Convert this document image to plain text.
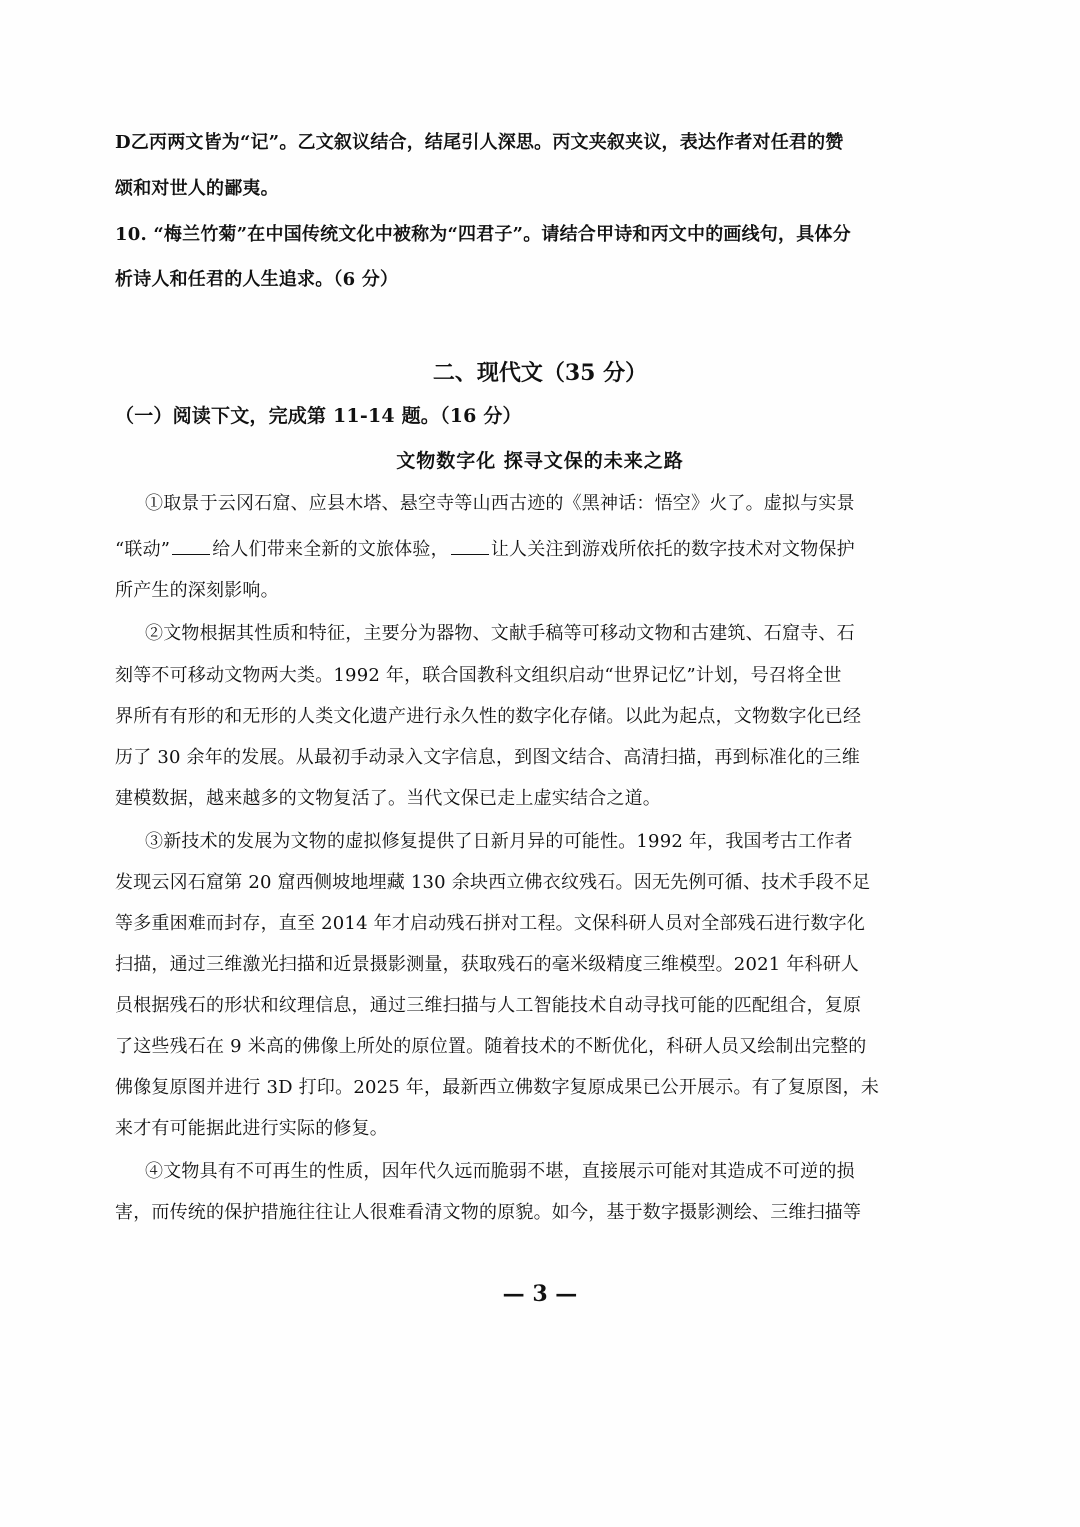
D乙丙两文皆为“记”。乙文叙议结合，结尾引人深思。丙文夹叙夹议，表达作者对任君的赞
颂和对世人的鄙夷。
10. “梅兰竹菊”在中国传统文化中被称为“四君子”。请结合甲诗和丙文中的画线句，具体分
析诗人和任君的人生追求。（6 分）
二、现代文（35 分）
（一）阅读下文，完成第 11-14 题。（16 分）
文物数字化 探寻文保的未来之路
①取景于云冈石窟、应县木塔、悬空寺等山西古迹的《黑神话：悟空》火了。虚拟与实景
“联动” 给人们带来全新的文旅体验， 让人关注到游戏所依托的数字技术对文物保护
所产生的深刻影响。
②文物根据其性质和特征，主要分为器物、文献手稿等可移动文物和古建筑、石窟寺、石
刻等不可移动文物两大类。1992 年，联合国教科文组织启动“世界记忆”计划，号召将全世
界所有有形的和无形的人类文化遗产进行永久性的数字化存储。以此为起点，文物数字化已经
历了 30 余年的发展。从最初手动录入文字信息，到图文结合、高清扫描，再到标准化的三维
建模数据，越来越多的文物复活了。当代文保已走上虚实结合之道。
③新技术的发展为文物的虚拟修复提供了日新月异的可能性。1992 年，我国考古工作者
发现云冈石窟第 20 窟西侧坡地埋藏 130 余块西立佛衣纹残石。因无先例可循、技术手段不足
等多重困难而封存，直至 2014 年才启动残石拼对工程。文保科研人员对全部残石进行数字化
扫描，通过三维激光扫描和近景摄影测量，获取残石的毫米级精度三维模型。2021 年科研人
员根据残石的形状和纹理信息，通过三维扫描与人工智能技术自动寻找可能的匹配组合，复原
了这些残石在 9 米高的佛像上所处的原位置。随着技术的不断优化，科研人员又绘制出完整的
佛像复原图并进行 3D 打印。2025 年，最新西立佛数字复原成果已公开展示。有了复原图，未
来才有可能据此进行实际的修复。
④文物具有不可再生的性质，因年代久远而脆弱不堪，直接展示可能对其造成不可逆的损
害，而传统的保护措施往往让人很难看清文物的原貌。如今，基于数字摄影测绘、三维扫描等
— 3 —
